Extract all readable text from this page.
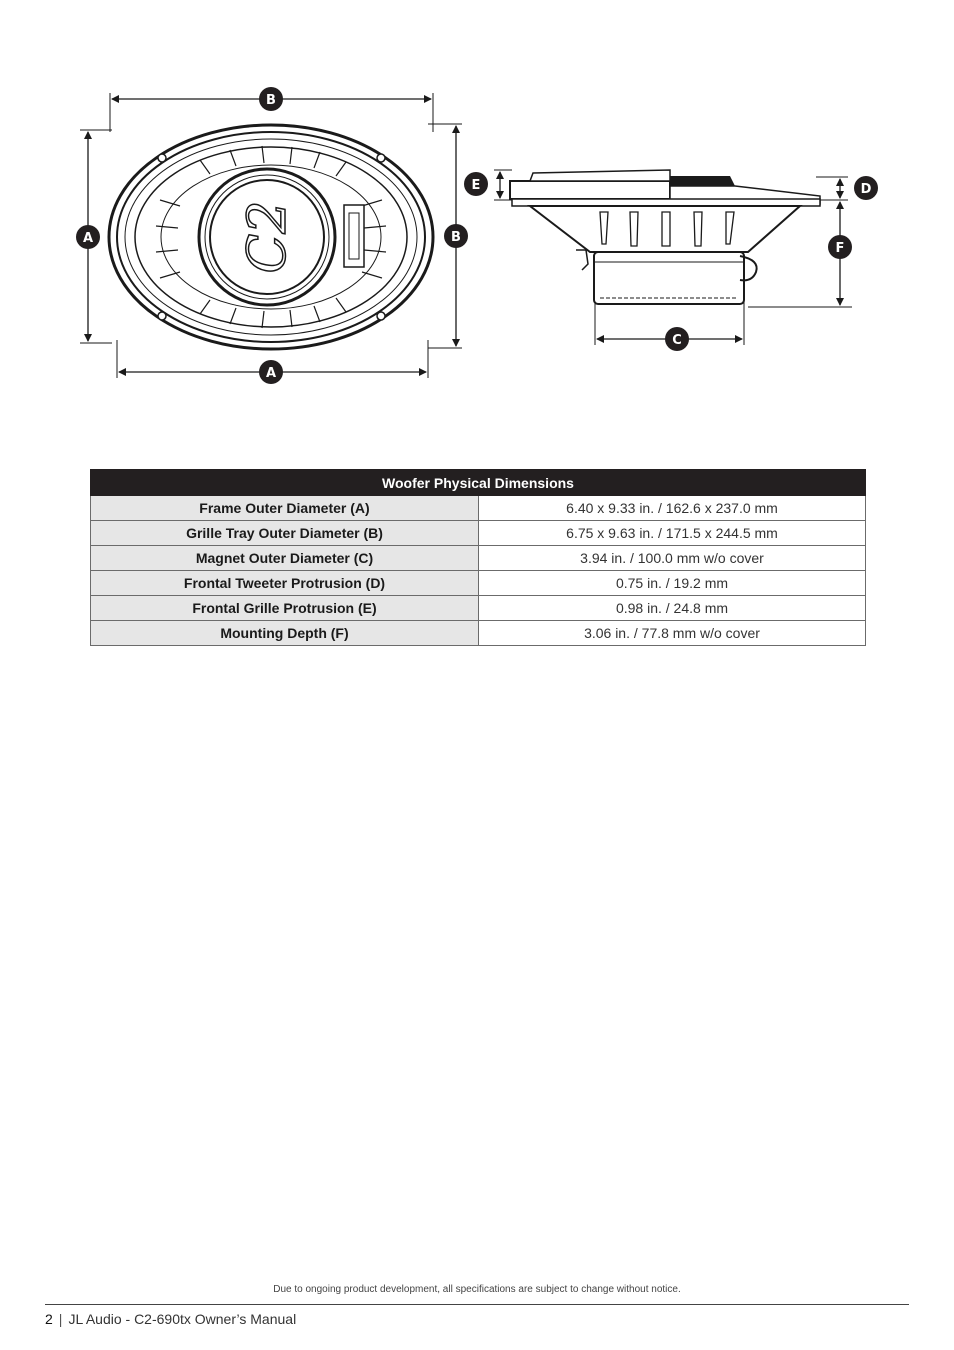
C2
B
A	B
A
E	D
F
C
Woofer Physical Dimensions	
Frame Outer Diameter (A)	6.40 x 9.33 in. / 162.6 x 237.0 mm
Grille Tray Outer Diameter (B)	6.75 x 9.63 in. / 171.5 x 244.5 mm
Magnet Outer Diameter (C)	3.94 in. / 100.0 mm w/o cover
Frontal Tweeter Protrusion (D)	0.75 in. / 19.2 mm
Frontal Grille Protrusion (E)	0.98 in. / 24.8 mm
Mounting Depth (F)	3.06 in. / 77.8 mm w/o cover
Due to ongoing product development, all specifications are subject to change without notice.
2 | JL Audio - C2-690tx Owner’s Manual
